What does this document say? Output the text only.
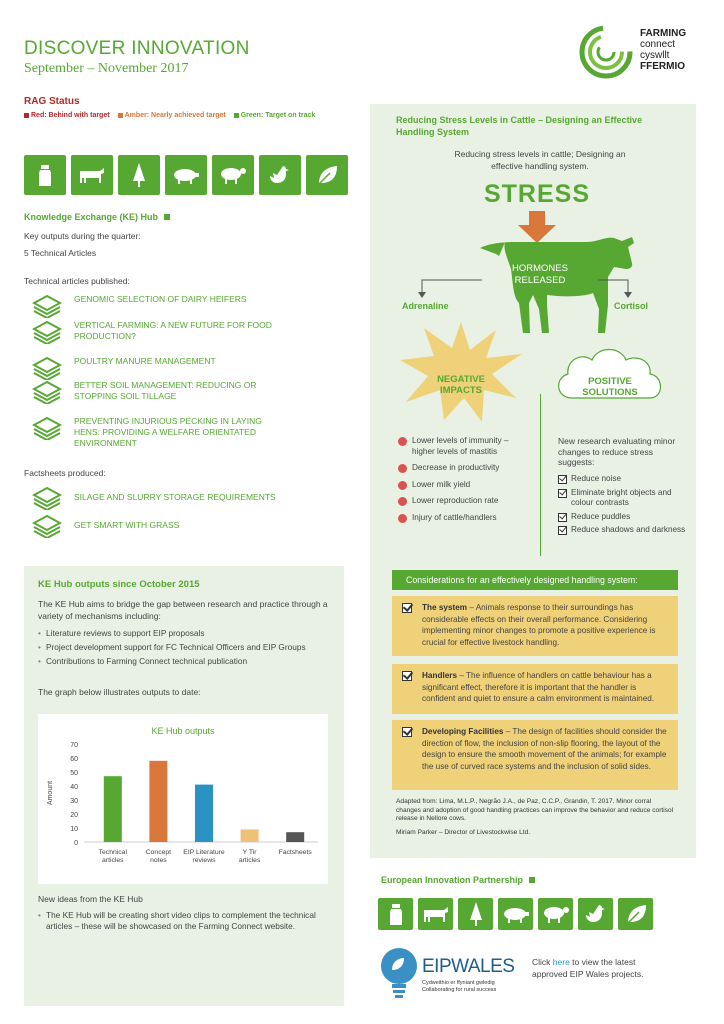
DISCOVER INNOVATION
September – November 2017
FARMING
connect
cyswllt
FFERMIO
RAG Status
Red: Behind with target Amber: Nearly achieved target Green: Target on track
Knowledge Exchange (KE) Hub
Key outputs during the quarter:
5 Technical Articles
Technical articles published:
GENOMIC SELECTION OF DAIRY HEIFERS
VERTICAL FARMING: A NEW FUTURE FOR FOOD PRODUCTION?
POULTRY MANURE MANAGEMENT
BETTER SOIL MANAGEMENT: REDUCING OR STOPPING SOIL TILLAGE
PREVENTING INJURIOUS PECKING IN LAYING HENS: PROVIDING A WELFARE ORIENTATED ENVIRONMENT
Factsheets produced:
SILAGE AND SLURRY STORAGE REQUIREMENTS
GET SMART WITH GRASS
KE Hub outputs since October 2015
The KE Hub aims to bridge the gap between research and practice through a variety of mechanisms including:
• Literature reviews to support EIP proposals
• Project development support for FC Technical Officers and EIP Groups
• Contributions to Farming Connect technical publication
The graph below illustrates outputs to date:
KE Hub outputs
0
10
20
30
40
50
60
70
Amount
Technical articles
Concept notes
EIP Literature reviews
Y Tir articles
Factsheets
New ideas from the KE Hub
• The KE Hub will be creating short video clips to complement the technical articles – these will be showcased on the Farming Connect website.
Reducing Stress Levels in Cattle – Designing an Effective Handling System
Reducing stress levels in cattle; Designing an effective handling system.
STRESS
HORMONES RELEASED
Adrenaline	Cortisol
NEGATIVE IMPACTS
POSITIVE SOLUTIONS
Lower levels of immunity – higher levels of mastitis
Decrease in productivity
Lower milk yield
Lower reproduction rate
Injury of cattle/handlers
New research evaluating minor changes to reduce stress suggests:
Reduce noise
Eliminate bright objects and colour contrasts
Reduce puddles
Reduce shadows and darkness
Considerations for an effectively designed handling system:
The system – Animals response to their surroundings has considerable effects on their overall performance. Considering implementing minor changes to promote a positive experience is crucial for effective livestock handling.
Handlers – The influence of handlers on cattle behaviour has a significant effect, therefore it is important that the handler is confident and quiet to ensure a calm environment is maintained.
Developing Facilities – The design of facilities should consider the direction of flow, the inclusion of non-slip flooring, the layout of the design to ensure the smooth movement of the animals; for example the use of curved race systems and the inclusion of solid sides.
Adapted from: Lima, M.L.P., Negrão J.A., de Paz, C.C.P., Grandin, T. 2017. Minor corral changes and adoption of good handling practices can improve the behavior and reduce cortisol release in Nellore cows.
Miriam Parker – Director of Livestockwise Ltd.
European Innovation Partnership
EIPWALES
Cydweithio er ffyniant gwledig
Collaborating for rural success
Click here to view the latest approved EIP Wales projects.
